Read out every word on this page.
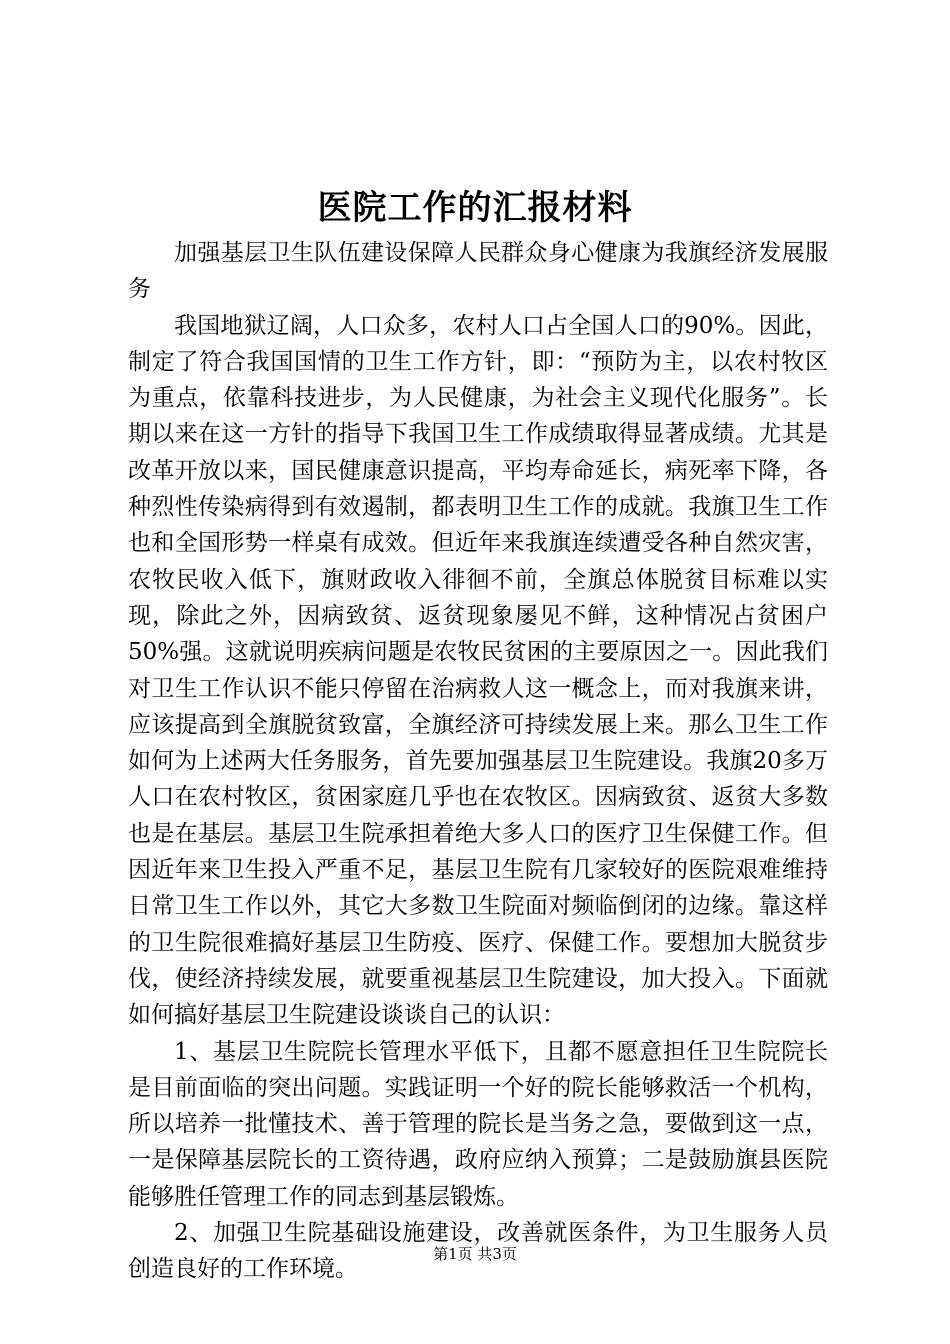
医院工作的汇报材料

加强基层卫生队伍建设保障人民群众身心健康为我旗经济发展服务

我国地狱辽阔，人口众多，农村人口占全国人口的90%。因此，制定了符合我国国情的卫生工作方针，即：“预防为主，以农村牧区为重点，依靠科技进步，为人民健康，为社会主义现代化服务”。长期以来在这一方针的指导下我国卫生工作成绩取得显著成绩。尤其是改革开放以来，国民健康意识提高，平均寿命延长，病死率下降，各种烈性传染病得到有效遏制，都表明卫生工作的成就。我旗卫生工作也和全国形势一样桌有成效。但近年来我旗连续遭受各种自然灾害，农牧民收入低下，旗财政收入徘徊不前，全旗总体脱贫目标难以实现，除此之外，因病致贫、返贫现象屡见不鲜，这种情况占贫困户50%强。这就说明疾病问题是农牧民贫困的主要原因之一。因此我们对卫生工作认识不能只停留在治病救人这一概念上，而对我旗来讲，应该提高到全旗脱贫致富，全旗经济可持续发展上来。那么卫生工作如何为上述两大任务服务，首先要加强基层卫生院建设。我旗20多万人口在农村牧区，贫困家庭几乎也在农牧区。因病致贫、返贫大多数也是在基层。基层卫生院承担着绝大多人口的医疗卫生保健工作。但因近年来卫生投入严重不足，基层卫生院有几家较好的医院艰难维持日常卫生工作以外，其它大多数卫生院面对频临倒闭的边缘。靠这样的卫生院很难搞好基层卫生防疫、医疗、保健工作。要想加大脱贫步伐，使经济持续发展，就要重视基层卫生院建设，加大投入。下面就如何搞好基层卫生院建设谈谈自己的认识：

1、基层卫生院院长管理水平低下，且都不愿意担任卫生院院长是目前面临的突出问题。实践证明一个好的院长能够救活一个机构，所以培养一批懂技术、善于管理的院长是当务之急，要做到这一点，一是保障基层院长的工资待遇，政府应纳入预算；二是鼓励旗县医院能够胜任管理工作的同志到基层锻炼。

2、加强卫生院基础设施建设，改善就医条件，为卫生服务人员创造良好的工作环境。

第1页 共3页
